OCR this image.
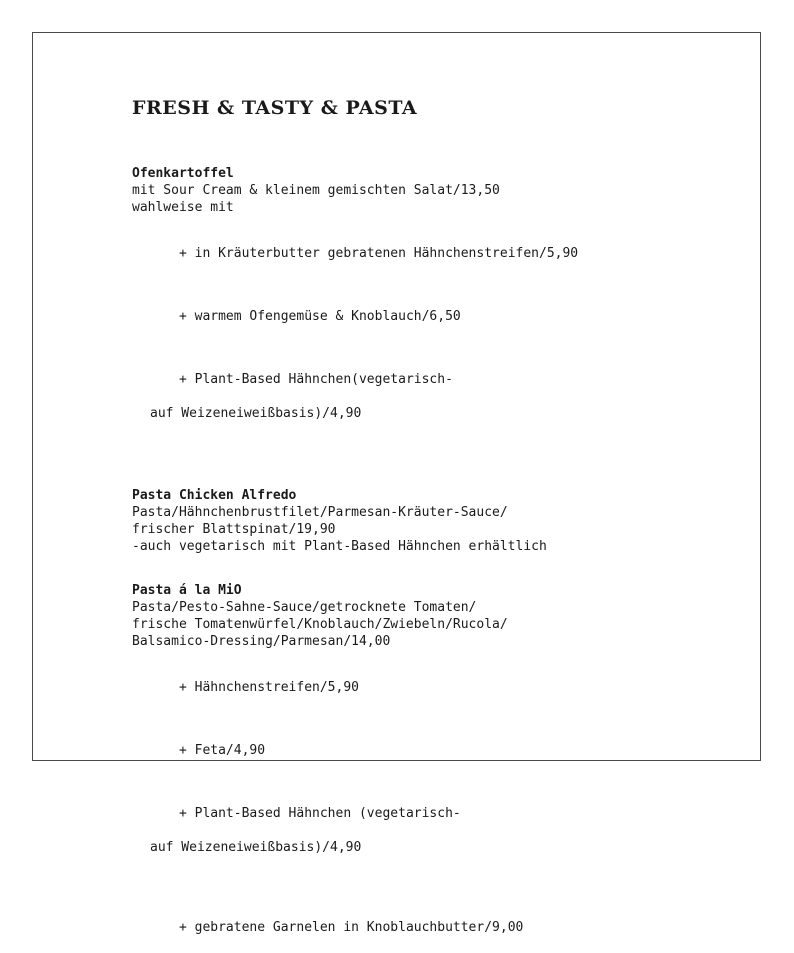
FRESH & TASTY & PASTA
Ofenkartoffel
mit Sour Cream & kleinem gemischten Salat/13,50
wahlweise mit

+ in Kräuterbutter gebratenen Hähnchenstreifen/5,90

+ warmem Ofengemüse & Knoblauch/6,50

+ Plant-Based Hähnchen(vegetarisch-

auf Weizeneiweißbasis)/4,90

Pasta Chicken Alfredo
Pasta/Hähnchenbrustfilet/Parmesan-Kräuter-Sauce/
frischer Blattspinat/19,90
-auch vegetarisch mit Plant-Based Hähnchen erhältlich
Pasta á la MiO
Pasta/Pesto-Sahne-Sauce/getrocknete Tomaten/
frische Tomatenwürfel/Knoblauch/Zwiebeln/Rucola/
Balsamico-Dressing/Parmesan/14,00

+ Hähnchenstreifen/5,90

+ Feta/4,90

+ Plant-Based Hähnchen (vegetarisch-

auf Weizeneiweißbasis)/4,90

+ gebratene Garnelen in Knoblauchbutter/9,00
